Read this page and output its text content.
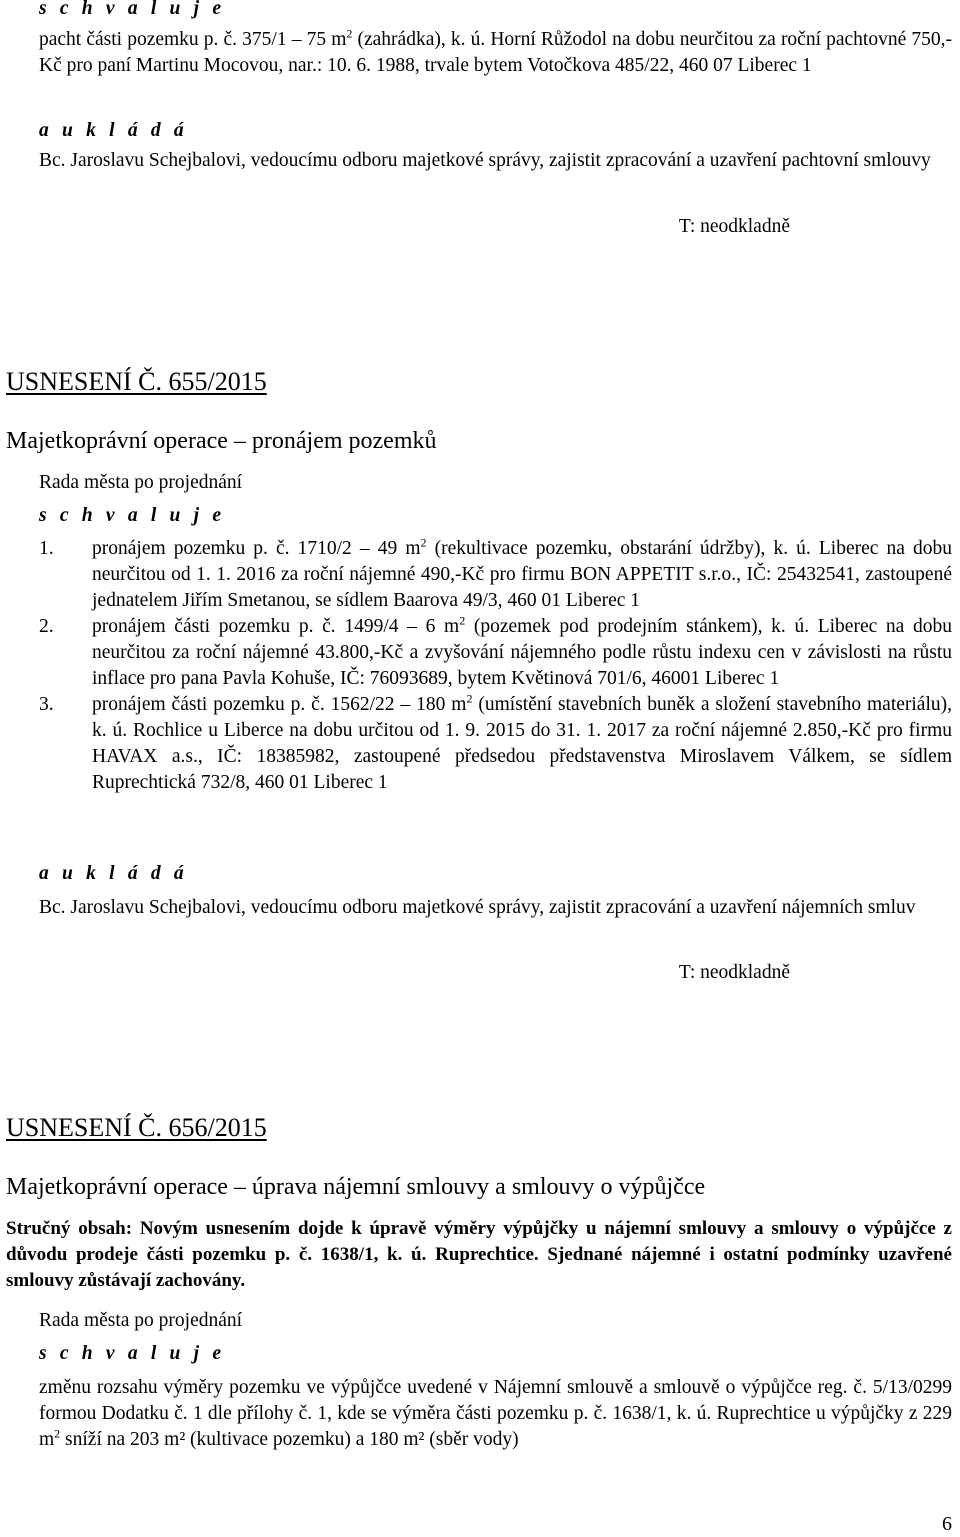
s c h v a l u j e

pacht části pozemku p. č. 375/1 – 75 $m^2$ (zahrádka), k. ú. Horní Růžodol na dobu neurčitou za roční pachtovné 750,-Kč pro paní Martinu Mocovou, nar.: 10. 6. 1988, trvale bytem Votočkova 485/22, 460 07 Liberec 1

a u k l á d á

Bc. Jaroslavu Schejbalovi, vedoucímu odboru majetkové správy, zajistit zpracování a uzavření pachtovní smlouvy

T: neodkladně
USNESENÍ Č. 655/2015
Majetkoprávní operace – pronájem pozemků
Rada města po projednání
s c h v a l u j e
1. pronájem pozemku p. č. 1710/2 – 49 $m^2$ (rekultivace pozemku, obstarání údržby), k. ú. Liberec na dobu neurčitou od 1. 1. 2016 za roční nájemné 490,-Kč pro firmu BON APPETIT s.r.o., IČ: 25432541, zastoupené jednatelem Jiřím Smetanou, se sídlem Baarova 49/3, 460 01 Liberec 1
2. pronájem části pozemku p. č. 1499/4 – 6 $m^2$ (pozemek pod prodejním stánkem), k. ú. Liberec na dobu neurčitou za roční nájemné 43.800,-Kč a zvyšování nájemného podle růstu indexu cen v závislosti na růstu inflace pro pana Pavla Kohuše, IČ: 76093689, bytem Květinová 701/6, 46001 Liberec 1
3. pronájem části pozemku p. č. 1562/22 – 180 $m^2$ (umístění stavebních buněk a složení stavebního materiálu), k. ú. Rochlice u Liberce na dobu určitou od 1. 9. 2015 do 31. 1. 2017 za roční nájemné 2.850,-Kč pro firmu HAVAX a.s., IČ: 18385982, zastoupené předsedou představenstva Miroslavem Válkem, se sídlem Ruprechtická 732/8, 460 01 Liberec 1
a u k l á d á

Bc. Jaroslavu Schejbalovi, vedoucímu odboru majetkové správy, zajistit zpracování a uzavření nájemních smluv

T: neodkladně
USNESENÍ Č. 656/2015
Majetkoprávní operace – úprava nájemní smlouvy a smlouvy o výpůjčce

Stručný obsah: Novým usnesením dojde k úpravě výměry výpůjčky u nájemní smlouvy a smlouvy o výpůjčce z důvodu prodeje části pozemku p. č. 1638/1, k. ú. Ruprechtice. Sjednané nájemné i ostatní podmínky uzavřené smlouvy zůstávají zachovány.

Rada města po projednání
s c h v a l u j e

změnu rozsahu výměry pozemku ve výpůjčce uvedené v Nájemní smlouvě a smlouvě o výpůjčce reg. č. 5/13/0299 formou Dodatku č. 1 dle přílohy č. 1, kde se výměra části pozemku p. č. 1638/1, k. ú. Ruprechtice u výpůjčky z 229 $m^2$ sníží na 203 m² (kultivace pozemku) a 180 m² (sběr vody)

6
